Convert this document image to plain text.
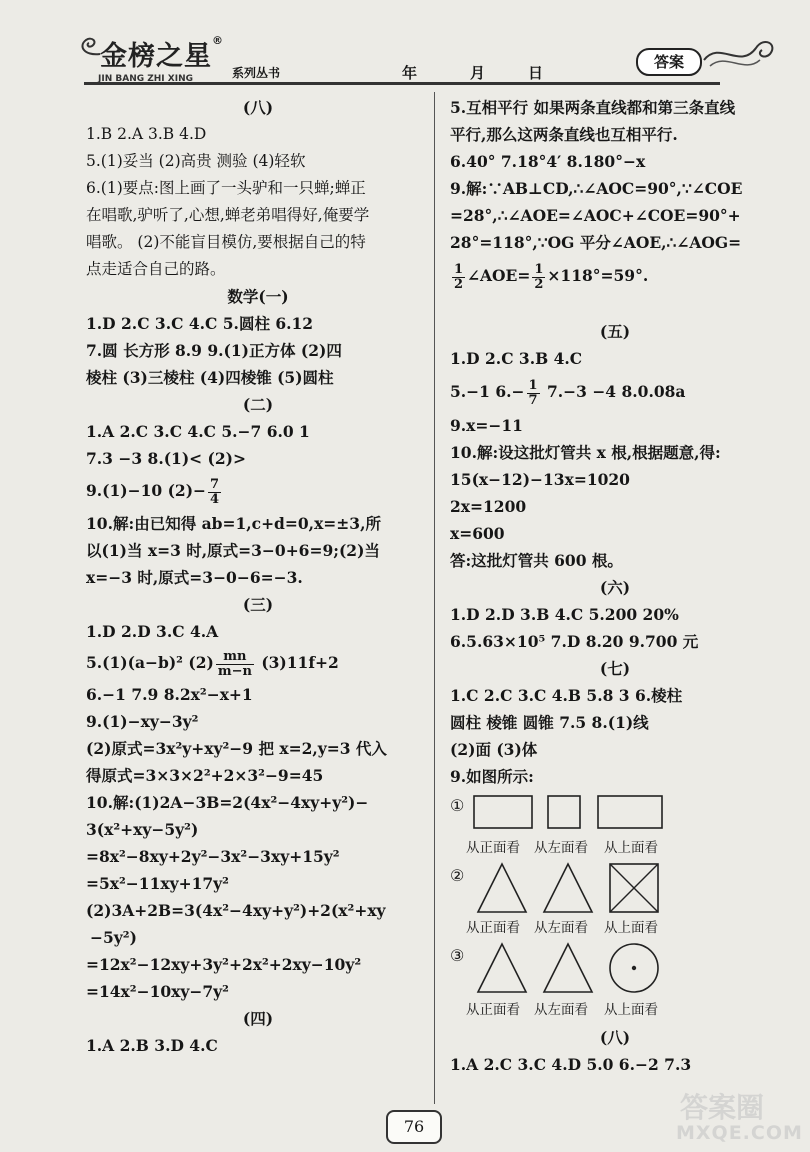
金榜之星®
JIN BANG ZHI XING	系列丛书	年	月	日
答案
(八)
1.B 2.A 3.B 4.D
5.(1)妥当 (2)高贵 测验 (4)轻软
6.(1)要点:图上画了一头驴和一只蝉;蝉正
在唱歌,驴听了,心想,蝉老弟唱得好,俺要学
唱歌。 (2)不能盲目模仿,要根据自己的特
点走适合自己的路。
数学(一)
1.D 2.C 3.C 4.C 5.圆柱 6.12
7.圆 长方形 8.9 9.(1)正方体 (2)四
棱柱 (3)三棱柱 (4)四棱锥 (5)圆柱
(二)
1.A 2.C 3.C 4.C 5.−7 6.0 1
7.3 −3 8.(1)< (2)>
9.(1)−10 $(2)- \frac{7}{4}$
10.解:由已知得 ab=1,c+d=0,x=±3,所
以(1)当 x=3 时,原式=3−0+6=9;(2)当
x=−3 时,原式=3−0−6=−3.
(三)
1.D 2.D 3.C 4.A
5.(1)(a−b)² $(2) \frac{mn}{m-n} (3)11f+2$
6.−1 7.9 8.2x²−x+1
9.(1)−xy−3y²
(2)原式=3x²y+xy²−9 把 x=2,y=3 代入
得原式=3×3×2²+2×3²−9=45
10.解:(1)2A−3B=2(4x²−4xy+y²)−
3(x²+xy−5y²)
=8x²−8xy+2y²−3x²−3xy+15y²
=5x²−11xy+17y²
(2)3A+2B=3(4x²−4xy+y²)+2(x²+xy
−5y²)
=12x²−12xy+3y²+2x²+2xy−10y²
=14x²−10xy−7y²
(四)
1.A 2.B 3.D 4.C
5.互相平行 如果两条直线都和第三条直线
平行,那么这两条直线也互相平行.
6.40° 7.18°4′ 8.180°−x
9.解:∵AB⊥CD,∴∠AOC=90°,∵∠COE
=28°,∴∠AOE=∠AOC+∠COE=90°+
28°=118°,∵OG 平分∠AOE,∴∠AOG=
$\frac{1}{2}$ ∠AOE= $\frac{1}{2} \times 118^\circ=59^\circ$.
(五)
1.D 2.C 3.B 4.C
5.−1 $6.- \frac{1}{7} 7.-3 -4$ 8.0.08a
9.x=−11
10.解:设这批灯管共 x 根,根据题意,得:
15(x−12)−13x=1020
2x=1200
x=600
答:这批灯管共 600 根。
(六)
1.D 2.D 3.B 4.C 5.200 20%
6.5.63×10⁵ 7.D 8.20 9.700 元
(七)
1.C 2.C 3.C 4.B 5.8 3 6.棱柱
圆柱 棱锥 圆锥 7.5 8.(1)线
(2)面 (3)体
9.如图所示:
①
从正面看 从左面看 从上面看
②
从正面看 从左面看 从上面看
③
从正面看 从左面看 从上面看
(八)
1.A 2.C 3.C 4.D 5.0 6.−2 7.3
76
答案圈
MXQE.COM
